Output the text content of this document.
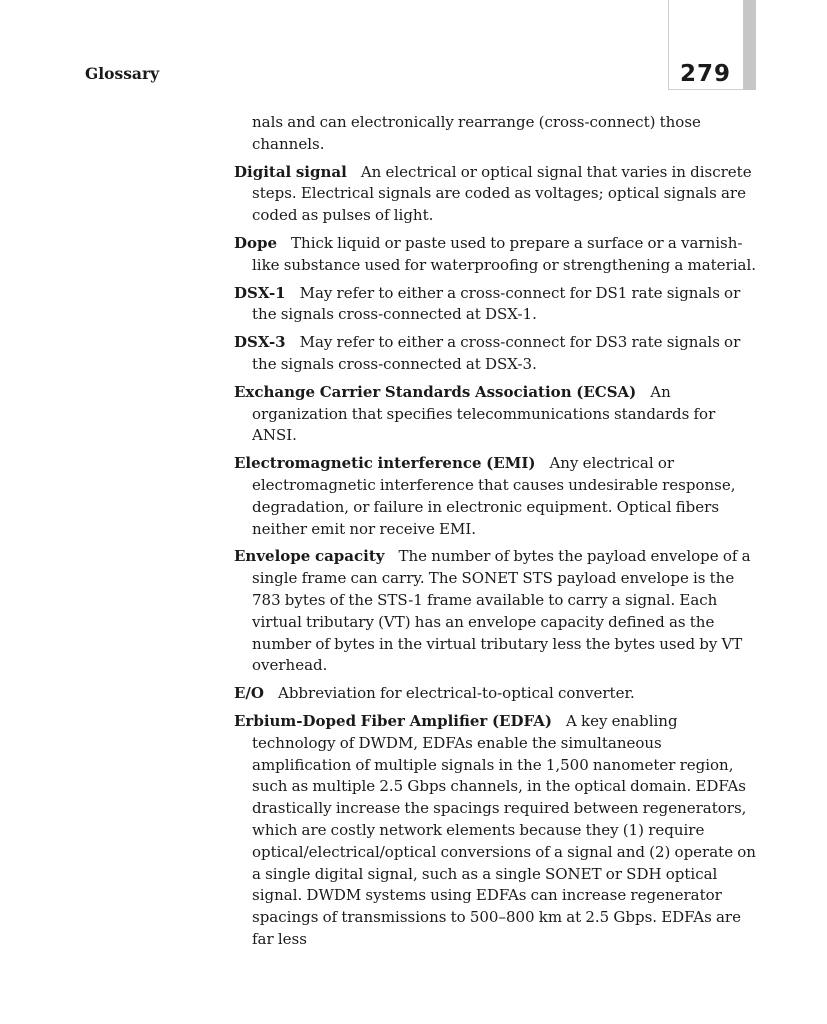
279
Glossary

nals and can electronically rearrange (cross-connect) those channels.

Digital signal An electrical or optical signal that varies in discrete steps. Electrical signals are coded as voltages; optical signals are coded as pulses of light.

Dope Thick liquid or paste used to prepare a surface or a varnish-like substance used for waterproofing or strengthening a material.

DSX-1 May refer to either a cross-connect for DS1 rate signals or the signals cross-connected at DSX-1.

DSX-3 May refer to either a cross-connect for DS3 rate signals or the signals cross-connected at DSX-3.

Exchange Carrier Standards Association (ECSA) An organization that specifies telecommunications standards for ANSI.

Electromagnetic interference (EMI) Any electrical or electromagnetic interference that causes undesirable response, degradation, or failure in electronic equipment. Optical fibers neither emit nor receive EMI.

Envelope capacity The number of bytes the payload envelope of a single frame can carry. The SONET STS payload envelope is the 783 bytes of the STS-1 frame available to carry a signal. Each virtual tributary (VT) has an envelope capacity defined as the number of bytes in the virtual tributary less the bytes used by VT overhead.

E/O Abbreviation for electrical-to-optical converter.

Erbium-Doped Fiber Amplifier (EDFA) A key enabling technology of DWDM, EDFAs enable the simultaneous amplification of multiple signals in the 1,500 nanometer region, such as multiple 2.5 Gbps channels, in the optical domain. EDFAs drastically increase the spacings required between regenerators, which are costly network elements because they (1) require optical/electrical/optical conversions of a signal and (2) operate on a single digital signal, such as a single SONET or SDH optical signal. DWDM systems using EDFAs can increase regenerator spacings of transmissions to 500–800 km at 2.5 Gbps. EDFAs are far less
